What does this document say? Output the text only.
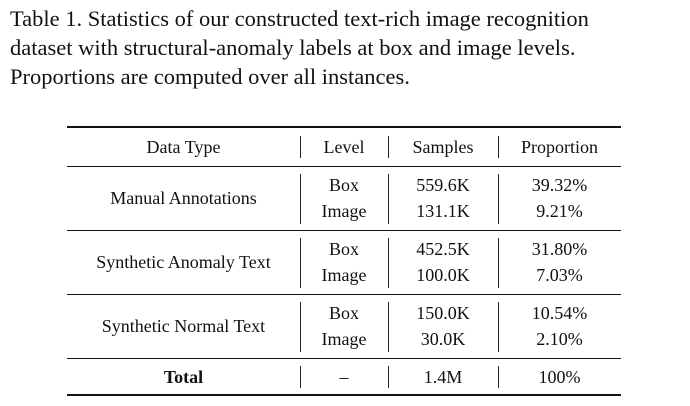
Table 1. Statistics of our constructed text-rich image recognition
dataset with structural-anomaly labels at box and image levels.
Proportions are computed over all instances.
Data Type	Level	Samples	Proportion
Manual Annotations
Box	559.6K	39.32%
Image	131.1K	9.21%
Synthetic Anomaly Text
Box	452.5K	31.80%
Image	100.0K	7.03%
Synthetic Normal Text
Box	150.0K	10.54%
Image	30.0K	2.10%
Total	–	1.4M	100%
